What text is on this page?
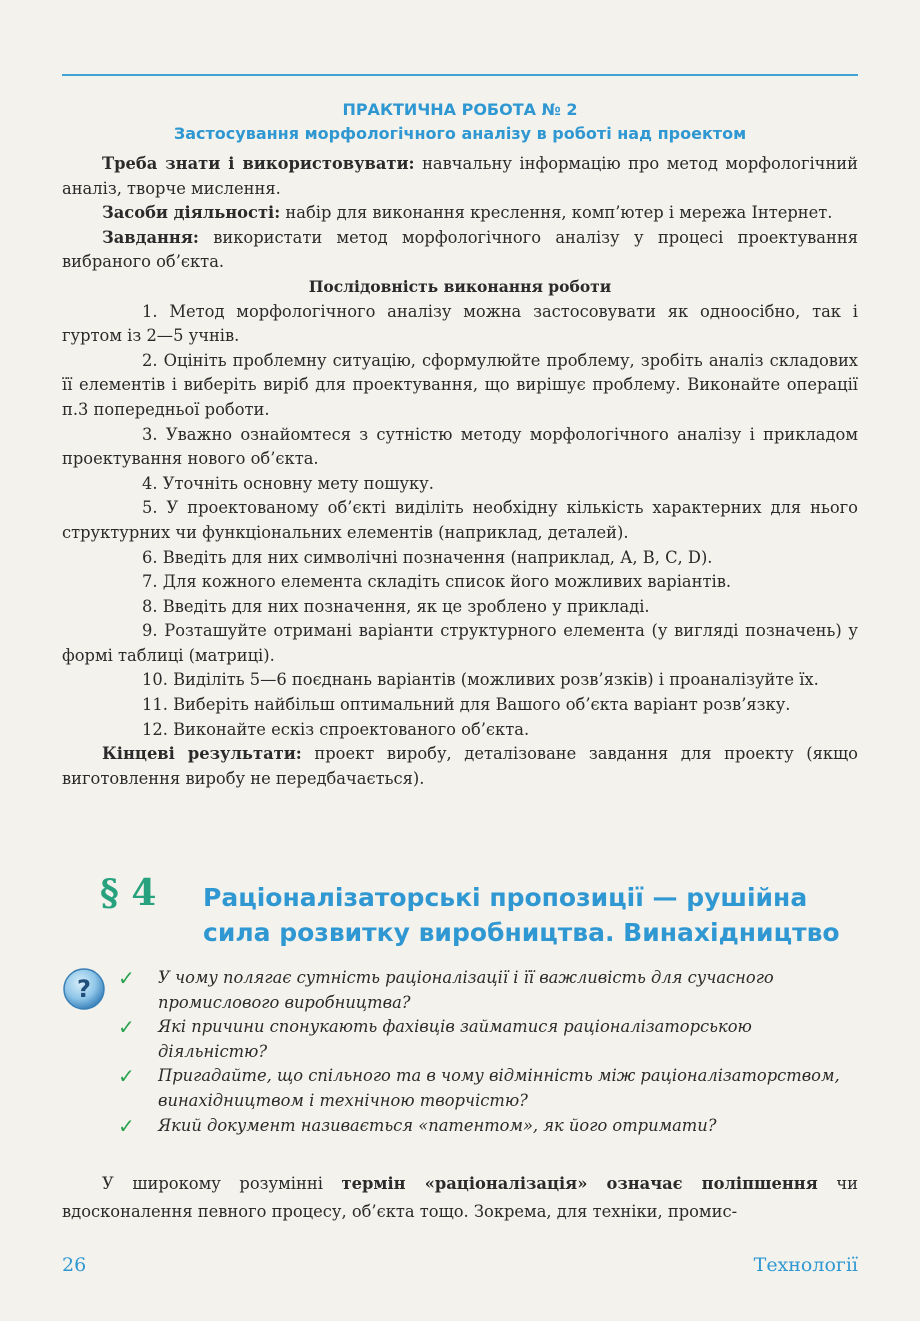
ПРАКТИЧНА РОБОТА № 2
Застосування морфологічного аналізу в роботі над проектом

Треба знати і використовувати: навчальну інформацію про метод морфологічний аналіз, творче мислення.

Засоби діяльності: набір для виконання креслення, комп’ютер і мережа Інтернет.

Завдання: використати метод морфологічного аналізу у процесі проектування вибраного об’єкта.

Послідовність виконання роботи

1. Метод морфологічного аналізу можна застосовувати як одноосібно, так і гуртом із 2—5 учнів.

2. Оцініть проблемну ситуацію, сформулюйте проблему, зробіть аналіз складових її елементів і виберіть виріб для проектування, що вирішує проблему. Виконайте операції п.3 попередньої роботи.

3. Уважно ознайомтеся з сутністю методу морфологічного аналізу і прикладом проектування нового об’єкта.

4. Уточніть основну мету пошуку.

5. У проектованому об’єкті виділіть необхідну кількість характерних для нього структурних чи функціональних елементів (наприклад, деталей).

6. Введіть для них символічні позначення (наприклад, А, В, С, D).

7. Для кожного елемента складіть список його можливих варіантів.

8. Введіть для них позначення, як це зроблено у прикладі.

9. Розташуйте отримані варіанти структурного елемента (у вигляді позначень) у формі таблиці (матриці).

10. Виділіть 5—6 поєднань варіантів (можливих розв’язків) і проаналізуйте їх.

11. Виберіть найбільш оптимальний для Вашого об’єкта варіант розв’язку.

12. Виконайте ескіз спроектованого об’єкта.

Кінцеві результати: проект виробу, деталізоване завдання для проекту (якщо виготовлення виробу не передбачається).

§ 4 Раціоналізаторські пропозиції — рушійна сила розвитку виробництва. Винахідництво
? ✓ У чому полягає сутність раціоналізації і її важливість для сучасного промислового виробництва?
✓ Які причини спонукають фахівців займатися раціоналізаторською діяльністю?
✓ Пригадайте, що спільного та в чому відмінність між раціоналізаторством, винахідництвом і технічною творчістю?
✓ Який документ називається «патентом», як його отримати?

У широкому розумінні термін «раціоналізація» означає поліпшення чи вдосконалення певного процесу, об’єкта тощо. Зокрема, для техніки, промис-

26	Технології
